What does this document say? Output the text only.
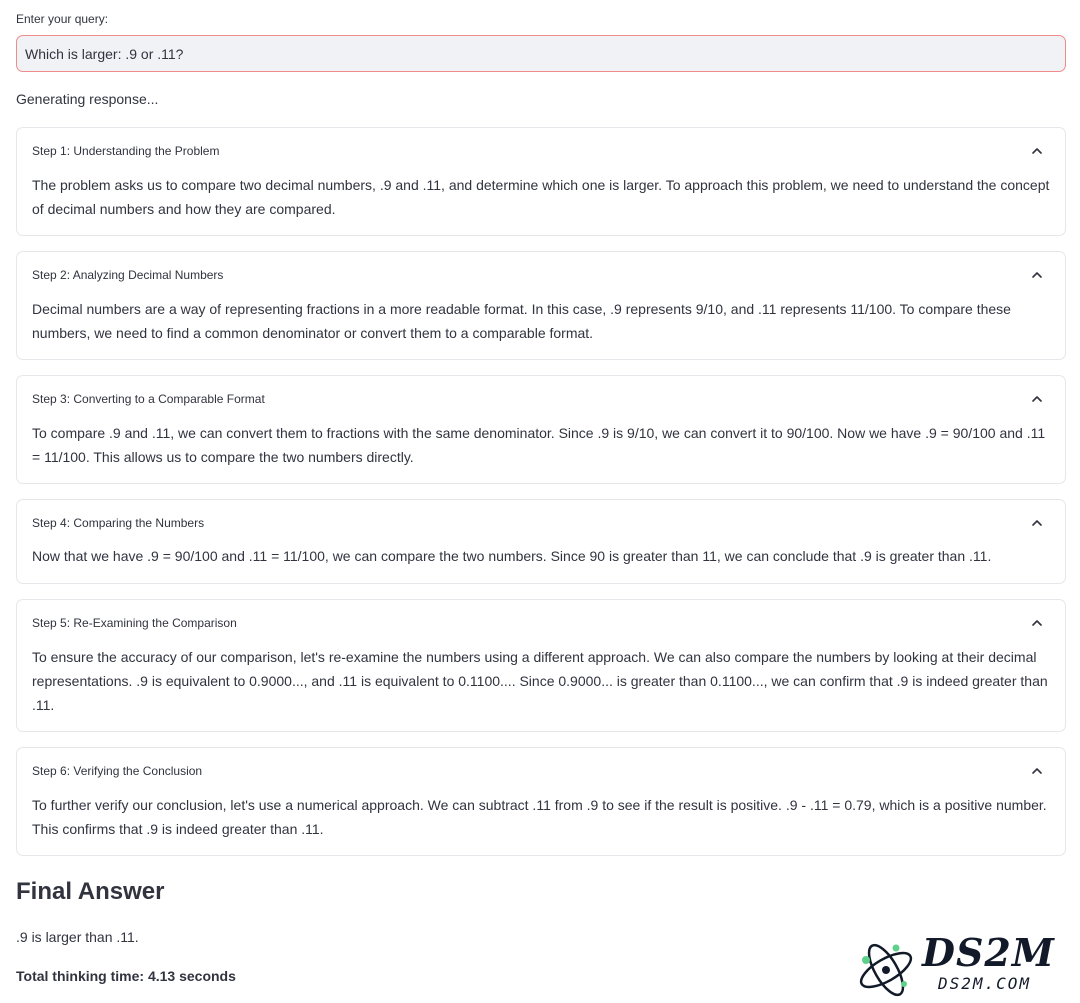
Enter your query:
Which is larger: .9 or .11?
Generating response...
Step 1: Understanding the Problem
The problem asks us to compare two decimal numbers, .9 and .11, and determine which one is larger. To approach this problem, we need to understand the concept of decimal numbers and how they are compared.
Step 2: Analyzing Decimal Numbers
Decimal numbers are a way of representing fractions in a more readable format. In this case, .9 represents 9/10, and .11 represents 11/100. To compare these numbers, we need to find a common denominator or convert them to a comparable format.
Step 3: Converting to a Comparable Format
To compare .9 and .11, we can convert them to fractions with the same denominator. Since .9 is 9/10, we can convert it to 90/100. Now we have .9 = 90/100 and .11 = 11/100. This allows us to compare the two numbers directly.
Step 4: Comparing the Numbers
Now that we have .9 = 90/100 and .11 = 11/100, we can compare the two numbers. Since 90 is greater than 11, we can conclude that .9 is greater than .11.
Step 5: Re-Examining the Comparison
To ensure the accuracy of our comparison, let's re-examine the numbers using a different approach. We can also compare the numbers by looking at their decimal representations. .9 is equivalent to 0.9000..., and .11 is equivalent to 0.1100.... Since 0.9000... is greater than 0.1100..., we can confirm that .9 is indeed greater than .11.
Step 6: Verifying the Conclusion
To further verify our conclusion, let's use a numerical approach. We can subtract .11 from .9 to see if the result is positive. .9 - .11 = 0.79, which is a positive number. This confirms that .9 is indeed greater than .11.
Final Answer
.9 is larger than .11.
Total thinking time: 4.13 seconds
DS2M
DS2M.COM
